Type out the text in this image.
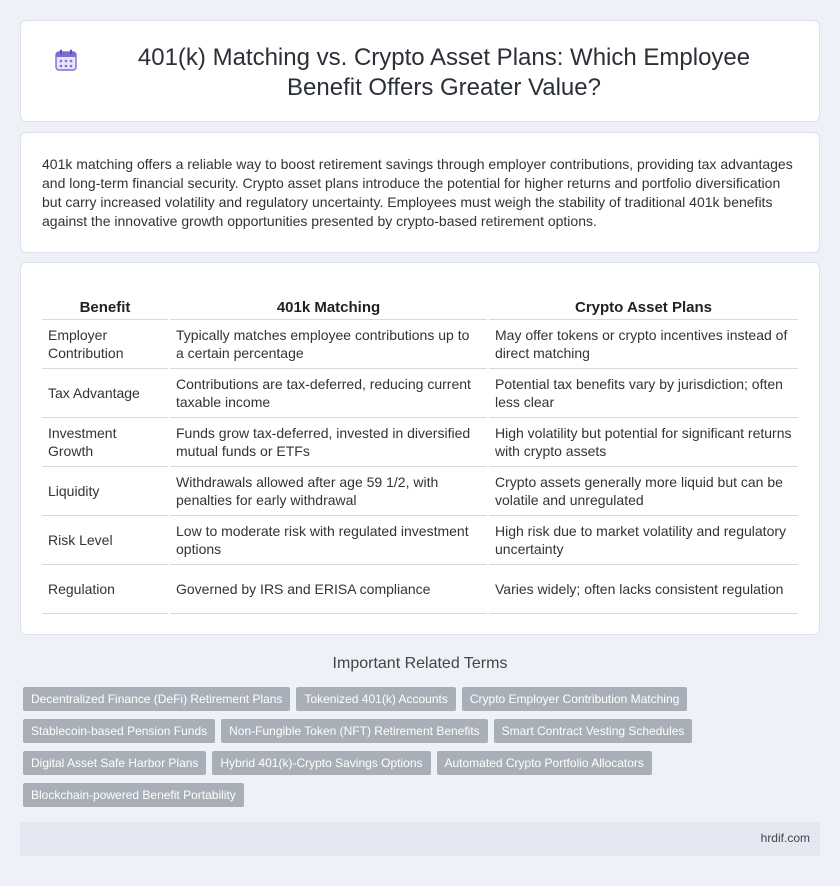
401(k) Matching vs. Crypto Asset Plans: Which Employee Benefit Offers Greater Value?

401k matching offers a reliable way to boost retirement savings through employer contributions, providing tax advantages and long-term financial security. Crypto asset plans introduce the potential for higher returns and portfolio diversification but carry increased volatility and regulatory uncertainty. Employees must weigh the stability of traditional 401k benefits against the innovative growth opportunities presented by crypto-based retirement options.

Benefit	401k Matching	Crypto Asset Plans
Employer Contribution	Typically matches employee contributions up to a certain percentage	May offer tokens or crypto incentives instead of direct matching
Tax Advantage	Contributions are tax-deferred, reducing current taxable income	Potential tax benefits vary by jurisdiction; often less clear
Investment Growth	Funds grow tax-deferred, invested in diversified mutual funds or ETFs	High volatility but potential for significant returns with crypto assets
Liquidity	Withdrawals allowed after age 59 1/2, with penalties for early withdrawal	Crypto assets generally more liquid but can be volatile and unregulated
Risk Level	Low to moderate risk with regulated investment options	High risk due to market volatility and regulatory uncertainty
Regulation	Governed by IRS and ERISA compliance	Varies widely; often lacks consistent regulation
Important Related Terms
Decentralized Finance (DeFi) Retirement Plans	Tokenized 401(k) Accounts	Crypto Employer Contribution Matching
Stablecoin-based Pension Funds	Non-Fungible Token (NFT) Retirement Benefits	Smart Contract Vesting Schedules
Digital Asset Safe Harbor Plans	Hybrid 401(k)-Crypto Savings Options	Automated Crypto Portfolio Allocators
Blockchain-powered Benefit Portability
hrdif.com
